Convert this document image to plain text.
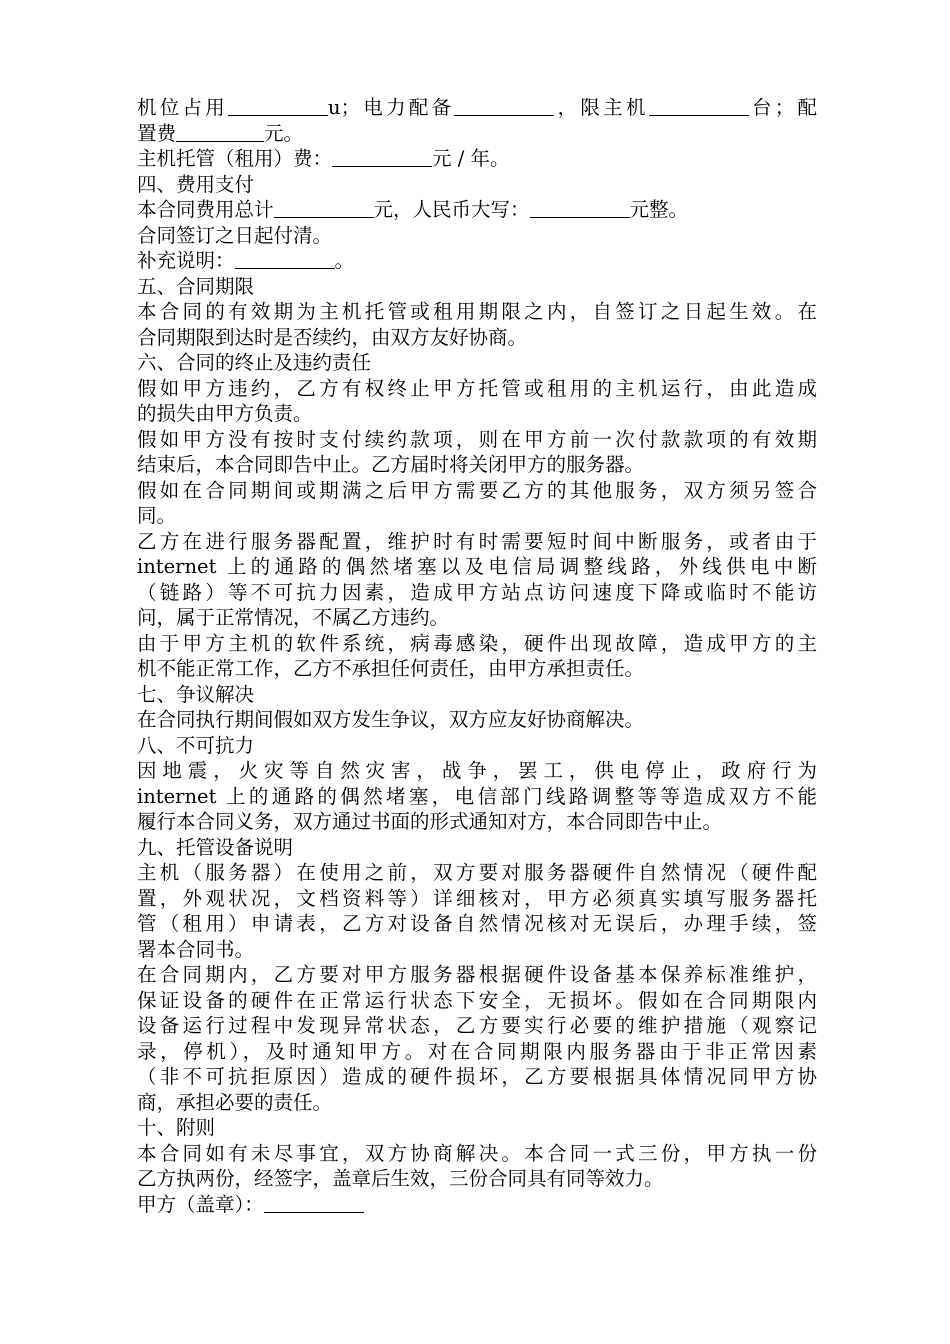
机位占用	u；电力配备	，限主机	台；配
置费	元。
主机托管（租用）费：	元 / 年。
四、费用支付
本合同费用总计	元，人民币大写：	元整。
合同签订之日起付清。
补充说明：	。
五、合同期限
本合同的有效期为主机托管或租用期限之内，自签订之日起生效。在
合同期限到达时是否续约，由双方友好协商。
六、合同的终止及违约责任
假如甲方违约，乙方有权终止甲方托管或租用的主机运行，由此造成
的损失由甲方负责。
假如甲方没有按时支付续约款项，则在甲方前一次付款款项的有效期
结束后，本合同即告中止。乙方届时将关闭甲方的服务器。
假如在合同期间或期满之后甲方需要乙方的其他服务，双方须另签合
同。
乙方在进行服务器配置，维护时有时需要短时间中断服务，或者由于
internet 上的通路的偶然堵塞以及电信局调整线路，外线供电中断
（链路）等不可抗力因素，造成甲方站点访问速度下降或临时不能访
问，属于正常情况，不属乙方违约。
由于甲方主机的软件系统，病毒感染，硬件出现故障，造成甲方的主
机不能正常工作，乙方不承担任何责任，由甲方承担责任。
七、争议解决
在合同执行期间假如双方发生争议，双方应友好协商解决。
八、不可抗力
因地震，火灾等自然灾害，战争，罢工，供电停止，政府行为
internet 上的通路的偶然堵塞，电信部门线路调整等等造成双方不能
履行本合同义务，双方通过书面的形式通知对方，本合同即告中止。
九、托管设备说明
主机（服务器）在使用之前，双方要对服务器硬件自然情况（硬件配
置，外观状况，文档资料等）详细核对，甲方必须真实填写服务器托
管（租用）申请表，乙方对设备自然情况核对无误后，办理手续，签
署本合同书。
在合同期内，乙方要对甲方服务器根据硬件设备基本保养标准维护，
保证设备的硬件在正常运行状态下安全，无损坏。假如在合同期限内
设备运行过程中发现异常状态，乙方要实行必要的维护措施（观察记
录，停机），及时通知甲方。对在合同期限内服务器由于非正常因素
（非不可抗拒原因）造成的硬件损坏，乙方要根据具体情况同甲方协
商，承担必要的责任。
十、附则
本合同如有未尽事宜，双方协商解决。本合同一式三份，甲方执一份
乙方执两份，经签字，盖章后生效，三份合同具有同等效力。
甲方（盖章）：
